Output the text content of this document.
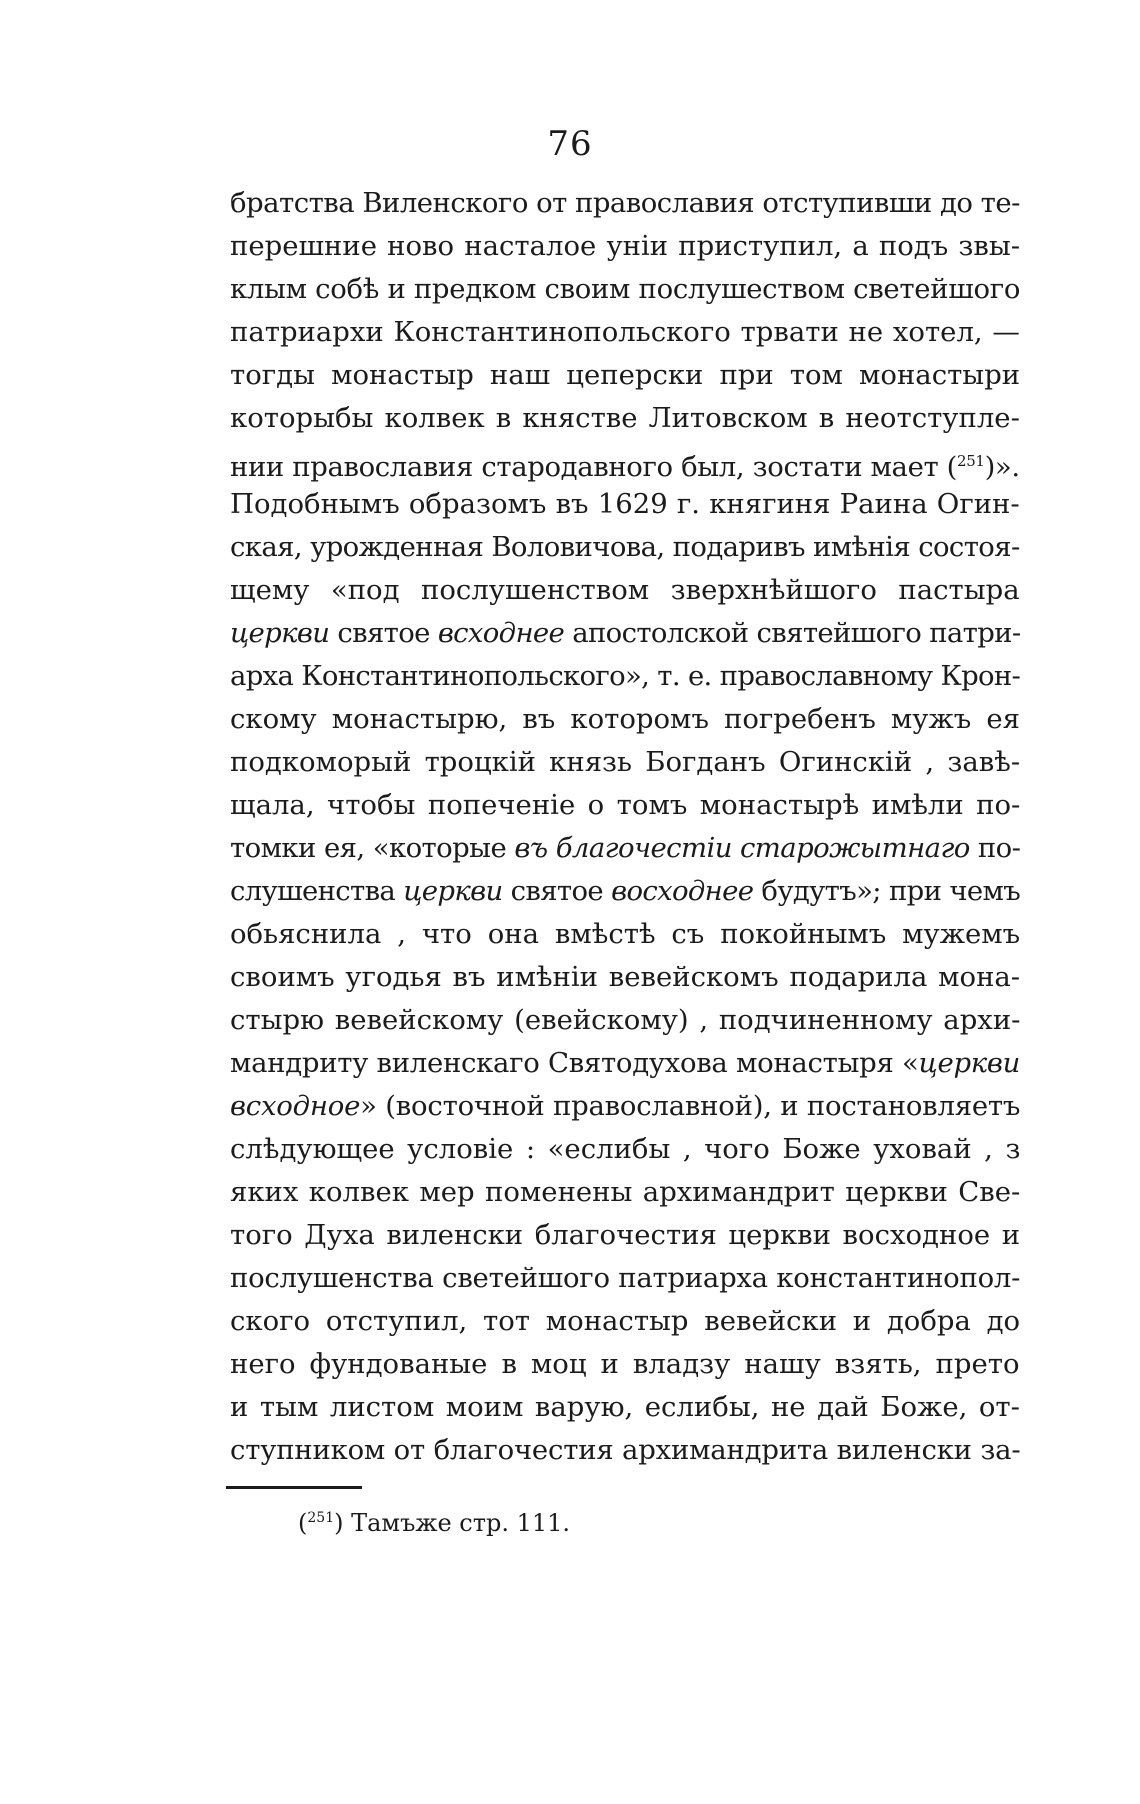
76
братства Виленского от православия отступивши до те-
перешние ново насталое унiи приступил, а подъ звы-
клым собѣ и предком своим послушеством светейшого
патриархи Константинопольского трвати не хотел, —
тогды монастыр наш цеперски при том монастыри
которыбы колвек в княстве Литовском в неотступле-
нии православия стародавного был, зостати мает ($^{251}$)».
Подобнымъ образомъ въ 1629 г. княгиня Раина Огин-
ская, урожденная Воловичова, подаривъ имѣнiя состоя-
щему «под послушенством зверхнѣйшого пастыра
церкви святое всходнее апостолской святейшого патри-
арха Константинопольского», т. е. православному Крон-
скому монастырю, въ которомъ погребенъ мужъ ея
подкоморый троцкiй князь Богданъ Огинскiй , завѣ-
щала, чтобы попеченiе о томъ монастырѣ имѣли по-
томки ея, «которые въ благочестiи старожытнаго по-
слушенства церкви святое восходнее будутъ»; при чемъ
обьяснила , что она вмѣстѣ съ покойнымъ мужемъ
своимъ угодья въ имѣнiи вевейскомъ подарила мона-
стырю вевейскому (евейскому) , подчиненному архи-
мандриту виленскаго Святодухова монастыря «церкви
всходное» (восточной православной), и постановляетъ
слѣдующее условiе : «еслибы , чого Боже уховай , з
яких колвек мер поменены архимандрит церкви Све-
того Духа виленски благочестия церкви восходное и
послушенства светейшого патриарха константинопол-
ского отступил, тот монастыр вевейски и добра до
него фундованые в моц и владзу нашу взять, прето
и тым листом моим варую, еслибы, не дай Боже, от-
ступником от благочестия архимандрита виленски за-
($^{251}$) Тамъже стр. 111.
